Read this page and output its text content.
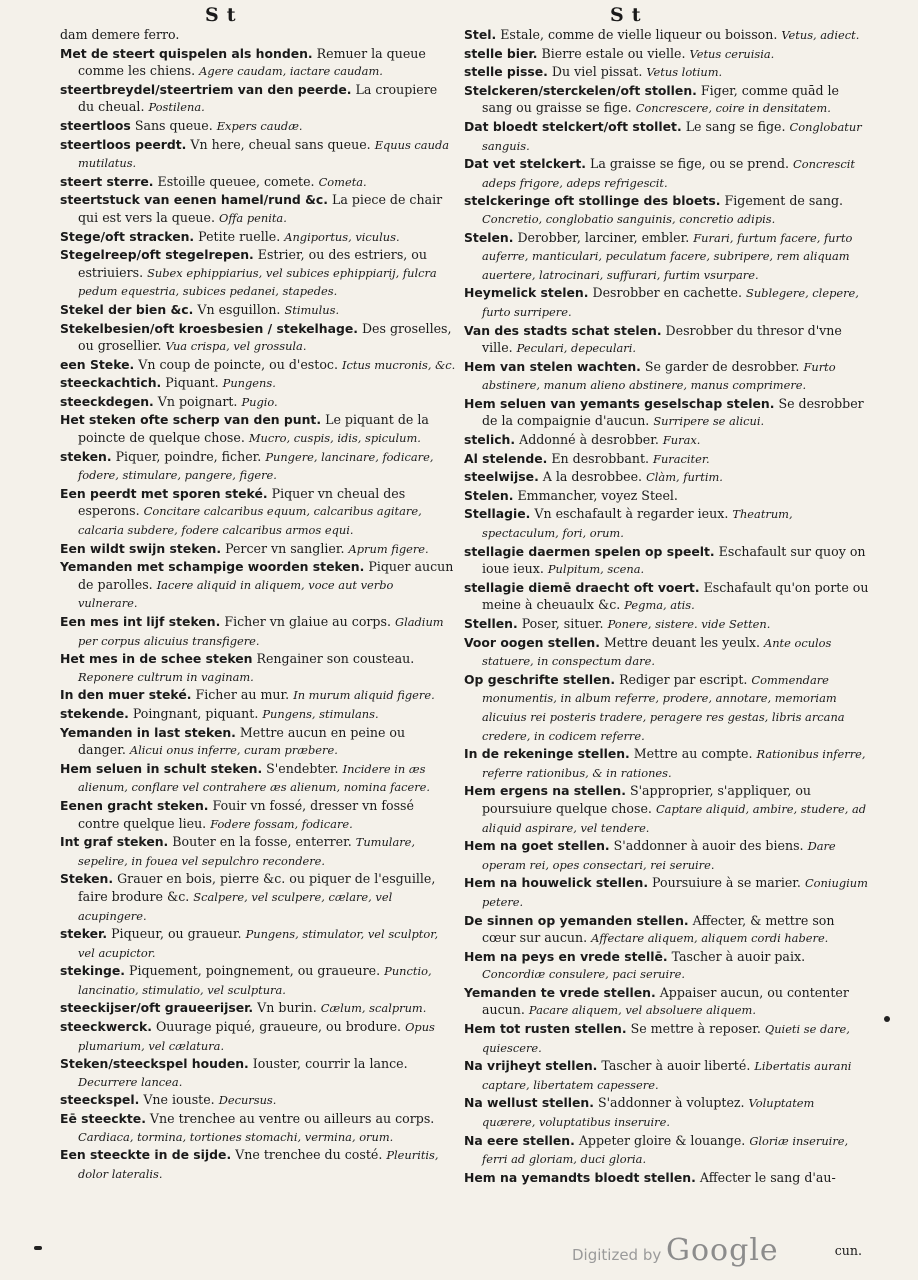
St	St

dam demere ferro.

Met de steert quispelen als honden. Remuer la queue comme les chiens. Agere caudam, iactare caudam.

steertbreydel/steertriem van den peerde. La croupiere du cheual. Postilena.

steertloos Sans queue. Expers caudæ.

steertloos peerdt. Vn here, cheual sans queue. Equus cauda mutilatus.

steert sterre. Estoille queuee, comete. Cometa.

steertstuck van eenen hamel/rund &c. La piece de chair qui est vers la queue. Offa penita.

Stege/oft stracken. Petite ruelle. Angiportus, viculus.

Stegelreep/oft stegelrepen. Estrier, ou des estriers, ou estriuiers. Subex ephippiarius, vel subices ephippiarij, fulcra pedum equestria, subices pedanei, stapedes.

Stekel der bien &c. Vn esguillon. Stimulus.

Stekelbesien/oft kroesbesien / stekelhage. Des groselles, ou grosellier. Vua crispa, vel grossula.

een Steke. Vn coup de poincte, ou d'estoc. Ictus mucronis, &c.

steeckachtich. Piquant. Pungens.

steeckdegen. Vn poignart. Pugio.

Het steken ofte scherp van den punt. Le piquant de la poincte de quelque chose. Mucro, cuspis, idis, spiculum.

steken. Piquer, poindre, ficher. Pungere, lancinare, fodicare, fodere, stimulare, pangere, figere.

Een peerdt met sporen steké. Piquer vn cheual des esperons. Concitare calcaribus equum, calcaribus agitare, calcaria subdere, fodere calcaribus armos equi.

Een wildt swijn steken. Percer vn sanglier. Aprum figere.

Yemanden met schampige woorden steken. Piquer aucun de parolles. Iacere aliquid in aliquem, voce aut verbo vulnerare.

Een mes int lijf steken. Ficher vn glaiue au corps. Gladium per corpus alicuius transfigere.

Het mes in de schee steken Rengainer son cousteau. Reponere cultrum in vaginam.

In den muer steké. Ficher au mur. In murum aliquid figere.

stekende. Poingnant, piquant. Pungens, stimulans.

Yemanden in last steken. Mettre aucun en peine ou danger. Alicui onus inferre, curam præbere.

Hem seluen in schult steken. S'endebter. Incidere in æs alienum, conflare vel contrahere æs alienum, nomina facere.

Eenen gracht steken. Fouir vn fossé, dresser vn fossé contre quelque lieu. Fodere fossam, fodicare.

Int graf steken. Bouter en la fosse, enterrer. Tumulare, sepelire, in fouea vel sepulchro recondere.

Steken. Grauer en bois, pierre &c. ou piquer de l'esguille, faire brodure &c. Scalpere, vel sculpere, cælare, vel acupingere.

steker. Piqueur, ou graueur. Pungens, stimulator, vel sculptor, vel acupictor.

stekinge. Piquement, poingnement, ou graueure. Punctio, lancinatio, stimulatio, vel sculptura.

steeckijser/oft graueerijser. Vn burin. Cælum, scalprum.

steeckwerck. Ouurage piqué, graueure, ou brodure. Opus plumarium, vel cælatura.

Steken/steeckspel houden. Iouster, courrir la lance. Decurrere lancea.

steeckspel. Vne iouste. Decursus.

Eē steeckte. Vne trenchee au ventre ou ailleurs au corps. Cardiaca, tormina, tortiones stomachi, vermina, orum.

Een steeckte in de sijde. Vne trenchee du costé. Pleuritis, dolor lateralis.

Stel. Estale, comme de vielle liqueur ou boisson. Vetus, adiect.

stelle bier. Bierre estale ou vielle. Vetus ceruisia.

stelle pisse. Du viel pissat. Vetus lotium.

Stelckeren/sterckelen/oft stollen. Figer, comme quād le sang ou graisse se fige. Concrescere, coire in densitatem.

Dat bloedt stelckert/oft stollet. Le sang se fige. Conglobatur sanguis.

Dat vet stelckert. La graisse se fige, ou se prend. Concrescit adeps frigore, adeps refrigescit.

stelckeringe oft stollinge des bloets. Figement de sang. Concretio, conglobatio sanguinis, concretio adipis.

Stelen. Derobber, larciner, embler. Furari, furtum facere, furto auferre, manticulari, peculatum facere, subripere, rem aliquam auertere, latrocinari, suffurari, furtim vsurpare.

Heymelick stelen. Desrobber en cachette. Sublegere, clepere, furto surripere.

Van des stadts schat stelen. Desrobber du thresor d'vne ville. Peculari, depeculari.

Hem van stelen wachten. Se garder de desrobber. Furto abstinere, manum alieno abstinere, manus comprimere.

Hem seluen van yemants geselschap stelen. Se desrobber de la compaignie d'aucun. Surripere se alicui.

stelich. Addonné à desrobber. Furax.

Al stelende. En desrobbant. Furaciter.

steelwijse. A la desrobbee. Clàm, furtim.

Stelen. Emmancher, voyez Steel.

Stellagie. Vn eschafault à regarder ieux. Theatrum, spectaculum, fori, orum.

stellagie daermen spelen op speelt. Eschafault sur quoy on ioue ieux. Pulpitum, scena.

stellagie diemē draecht oft voert. Eschafault qu'on porte ou meine à cheuaulx &c. Pegma, atis.

Stellen. Poser, situer. Ponere, sistere. vide Setten.

Voor oogen stellen. Mettre deuant les yeulx. Ante oculos statuere, in conspectum dare.

Op geschrifte stellen. Rediger par escript. Commendare monumentis, in album referre, prodere, annotare, memoriam alicuius rei posteris tradere, peragere res gestas, libris arcana credere, in codicem referre.

In de rekeninge stellen. Mettre au compte. Rationibus inferre, referre rationibus, & in rationes.

Hem ergens na stellen. S'approprier, s'appliquer, ou poursuiure quelque chose. Captare aliquid, ambire, studere, ad aliquid aspirare, vel tendere.

Hem na goet stellen. S'addonner à auoir des biens. Dare operam rei, opes consectari, rei seruire.

Hem na houwelick stellen. Poursuiure à se marier. Coniugium petere.

De sinnen op yemanden stellen. Affecter, & mettre son cœur sur aucun. Affectare aliquem, aliquem cordi habere.

Hem na peys en vrede stellē. Tascher à auoir paix. Concordiæ consulere, paci seruire.

Yemanden te vrede stellen. Appaiser aucun, ou contenter aucun. Pacare aliquem, vel absoluere aliquem.

Hem tot rusten stellen. Se mettre à reposer. Quieti se dare, quiescere.

Na vrijheyt stellen. Tascher à auoir liberté. Libertatis aurani captare, libertatem capessere.

Na wellust stellen. S'addonner à voluptez. Voluptatem quærere, voluptatibus inseruire.

Na eere stellen. Appeter gloire & louange. Gloriæ inseruire, ferri ad gloriam, duci gloria.

Hem na yemandts bloedt stellen. Affecter le sang d'au-

cun.
Digitized by Google
